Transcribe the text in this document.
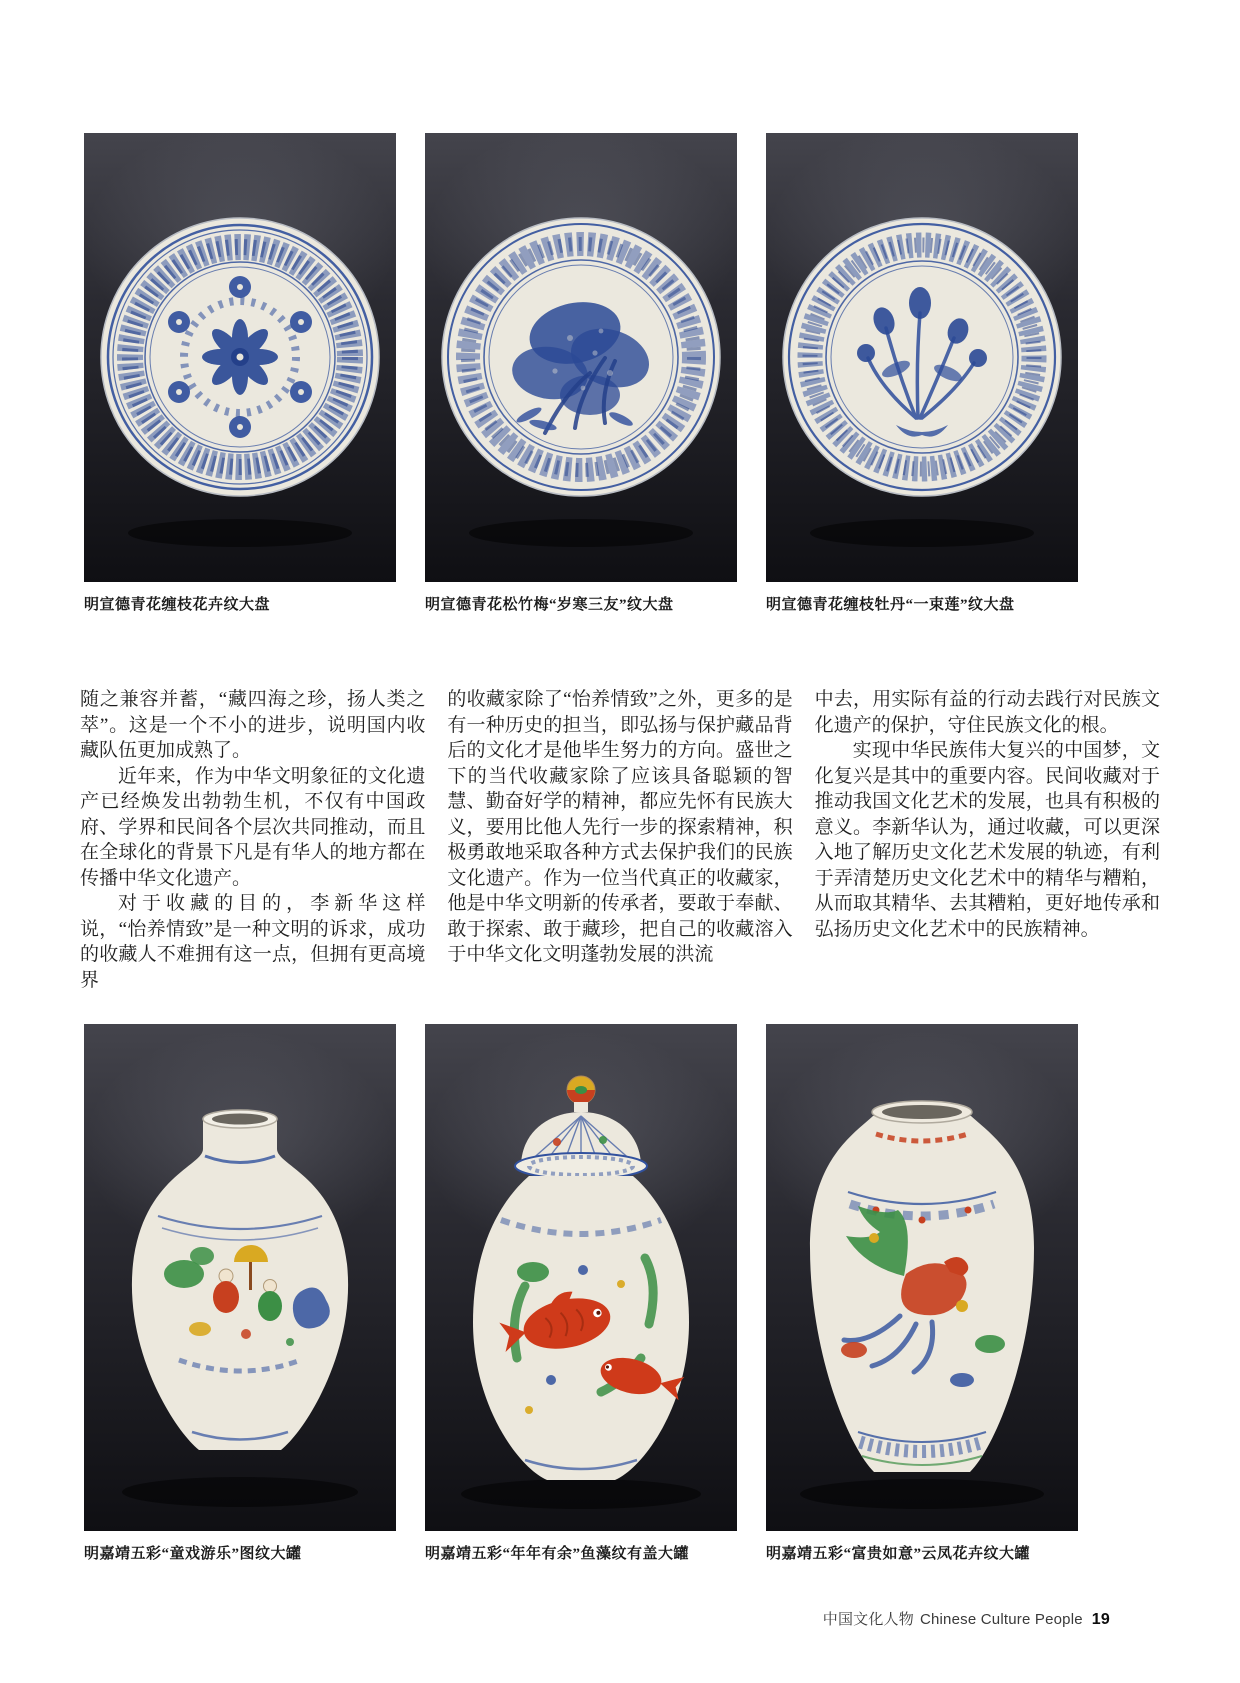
明宣德青花缠枝花卉纹大盘	明宣德青花松竹梅“岁寒三友”纹大盘	明宣德青花缠枝牡丹“一束莲”纹大盘

随之兼容并蓄，“藏四海之珍，扬人类之萃”。这是一个不小的进步，说明国内收藏队伍更加成熟了。

近年来，作为中华文明象征的文化遗产已经焕发出勃勃生机，不仅有中国政府、学界和民间各个层次共同推动，而且在全球化的背景下凡是有华人的地方都在传播中华文化遗产。

对于收藏的目的，李新华这样说，“怡养情致”是一种文明的诉求，成功的收藏人不难拥有这一点，但拥有更高境界

的收藏家除了“怡养情致”之外，更多的是有一种历史的担当，即弘扬与保护藏品背后的文化才是他毕生努力的方向。盛世之下的当代收藏家除了应该具备聪颖的智慧、勤奋好学的精神，都应先怀有民族大义，要用比他人先行一步的探索精神，积极勇敢地采取各种方式去保护我们的民族文化遗产。作为一位当代真正的收藏家，他是中华文明新的传承者，要敢于奉献、敢于探索、敢于藏珍，把自己的收藏溶入于中华文化文明蓬勃发展的洪流

中去，用实际有益的行动去践行对民族文化遗产的保护，守住民族文化的根。

实现中华民族伟大复兴的中国梦，文化复兴是其中的重要内容。民间收藏对于推动我国文化艺术的发展，也具有积极的意义。李新华认为，通过收藏，可以更深入地了解历史文化艺术发展的轨迹，有利于弄清楚历史文化艺术中的精华与糟粕，从而取其精华、去其糟粕，更好地传承和弘扬历史文化艺术中的民族精神。

明嘉靖五彩“童戏游乐”图纹大罐	明嘉靖五彩“年年有余”鱼藻纹有盖大罐	明嘉靖五彩“富贵如意”云凤花卉纹大罐
中国文化人物 Chinese Culture People 19
